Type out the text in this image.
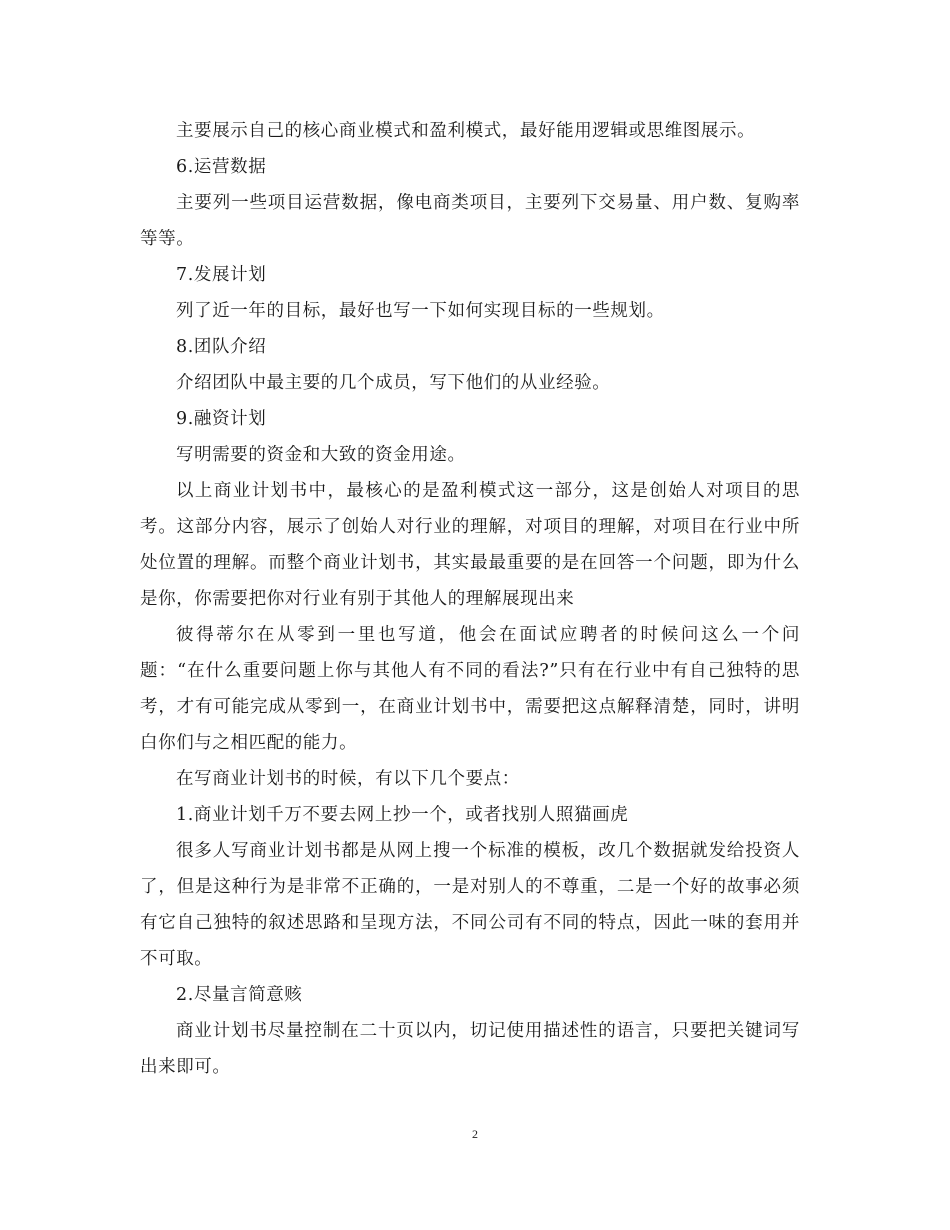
主要展示自己的核心商业模式和盈利模式，最好能用逻辑或思维图展示。

6.运营数据

主要列一些项目运营数据，像电商类项目，主要列下交易量、用户数、复购率等等。

7.发展计划

列了近一年的目标，最好也写一下如何实现目标的一些规划。

8.团队介绍

介绍团队中最主要的几个成员，写下他们的从业经验。

9.融资计划

写明需要的资金和大致的资金用途。

以上商业计划书中，最核心的是盈利模式这一部分，这是创始人对项目的思考。这部分内容，展示了创始人对行业的理解，对项目的理解，对项目在行业中所处位置的理解。而整个商业计划书，其实最最重要的是在回答一个问题，即为什么是你，你需要把你对行业有别于其他人的理解展现出来

彼得蒂尔在从零到一里也写道，他会在面试应聘者的时候问这么一个问题：“在什么重要问题上你与其他人有不同的看法?”只有在行业中有自己独特的思考，才有可能完成从零到一，在商业计划书中，需要把这点解释清楚，同时，讲明白你们与之相匹配的能力。

在写商业计划书的时候，有以下几个要点：

1.商业计划千万不要去网上抄一个，或者找别人照猫画虎

很多人写商业计划书都是从网上搜一个标准的模板，改几个数据就发给投资人了，但是这种行为是非常不正确的，一是对别人的不尊重，二是一个好的故事必须有它自己独特的叙述思路和呈现方法，不同公司有不同的特点，因此一味的套用并不可取。

2.尽量言简意赅

商业计划书尽量控制在二十页以内，切记使用描述性的语言，只要把关键词写出来即可。

2
